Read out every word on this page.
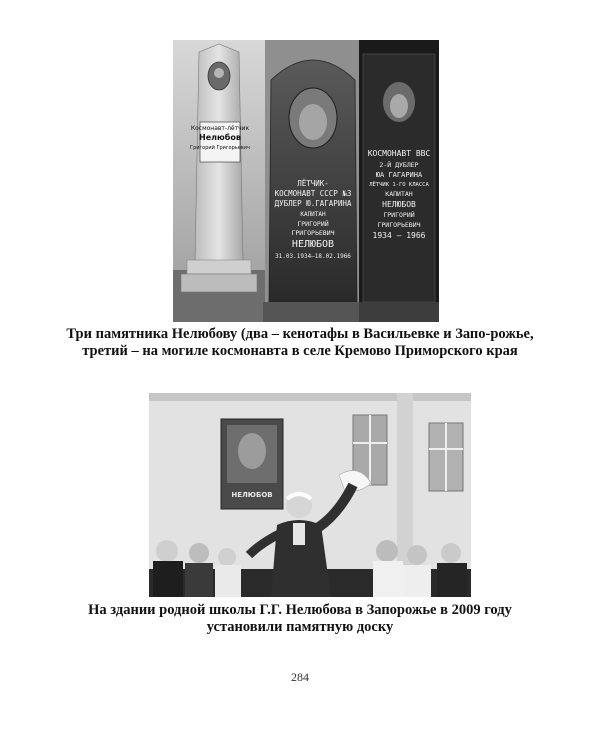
Космонавт-лётчик
Нелюбов
Григорий Григорьевич
ЛЁТЧИК-
КОСМОНАВТ СССР №3
ДУБЛЕР Ю.ГАГАРИНА
КАПИТАН
ГРИГОРИЙ
ГРИГОРЬЕВИЧ
НЕЛЮБОВ
31.03.1934–18.02.1966
КОСМОНАВТ ВВС
2-Й ДУБЛЕР
ЮА ГАГАРИНА
ЛЁТЧИК 1-ГО КЛАССА
КАПИТАН
НЕЛЮБОВ
ГРИГОРИЙ
ГРИГОРЬЕВИЧ
1934 – 1966
Три памятника Нелюбову (два – кенотафы в Васильевке и Запо-рожье, третий – на могиле космонавта в селе Кремово Приморского края
НЕЛЮБОВ
На здании родной школы Г.Г. Нелюбова в Запорожье в 2009 году установили памятную доску
284
